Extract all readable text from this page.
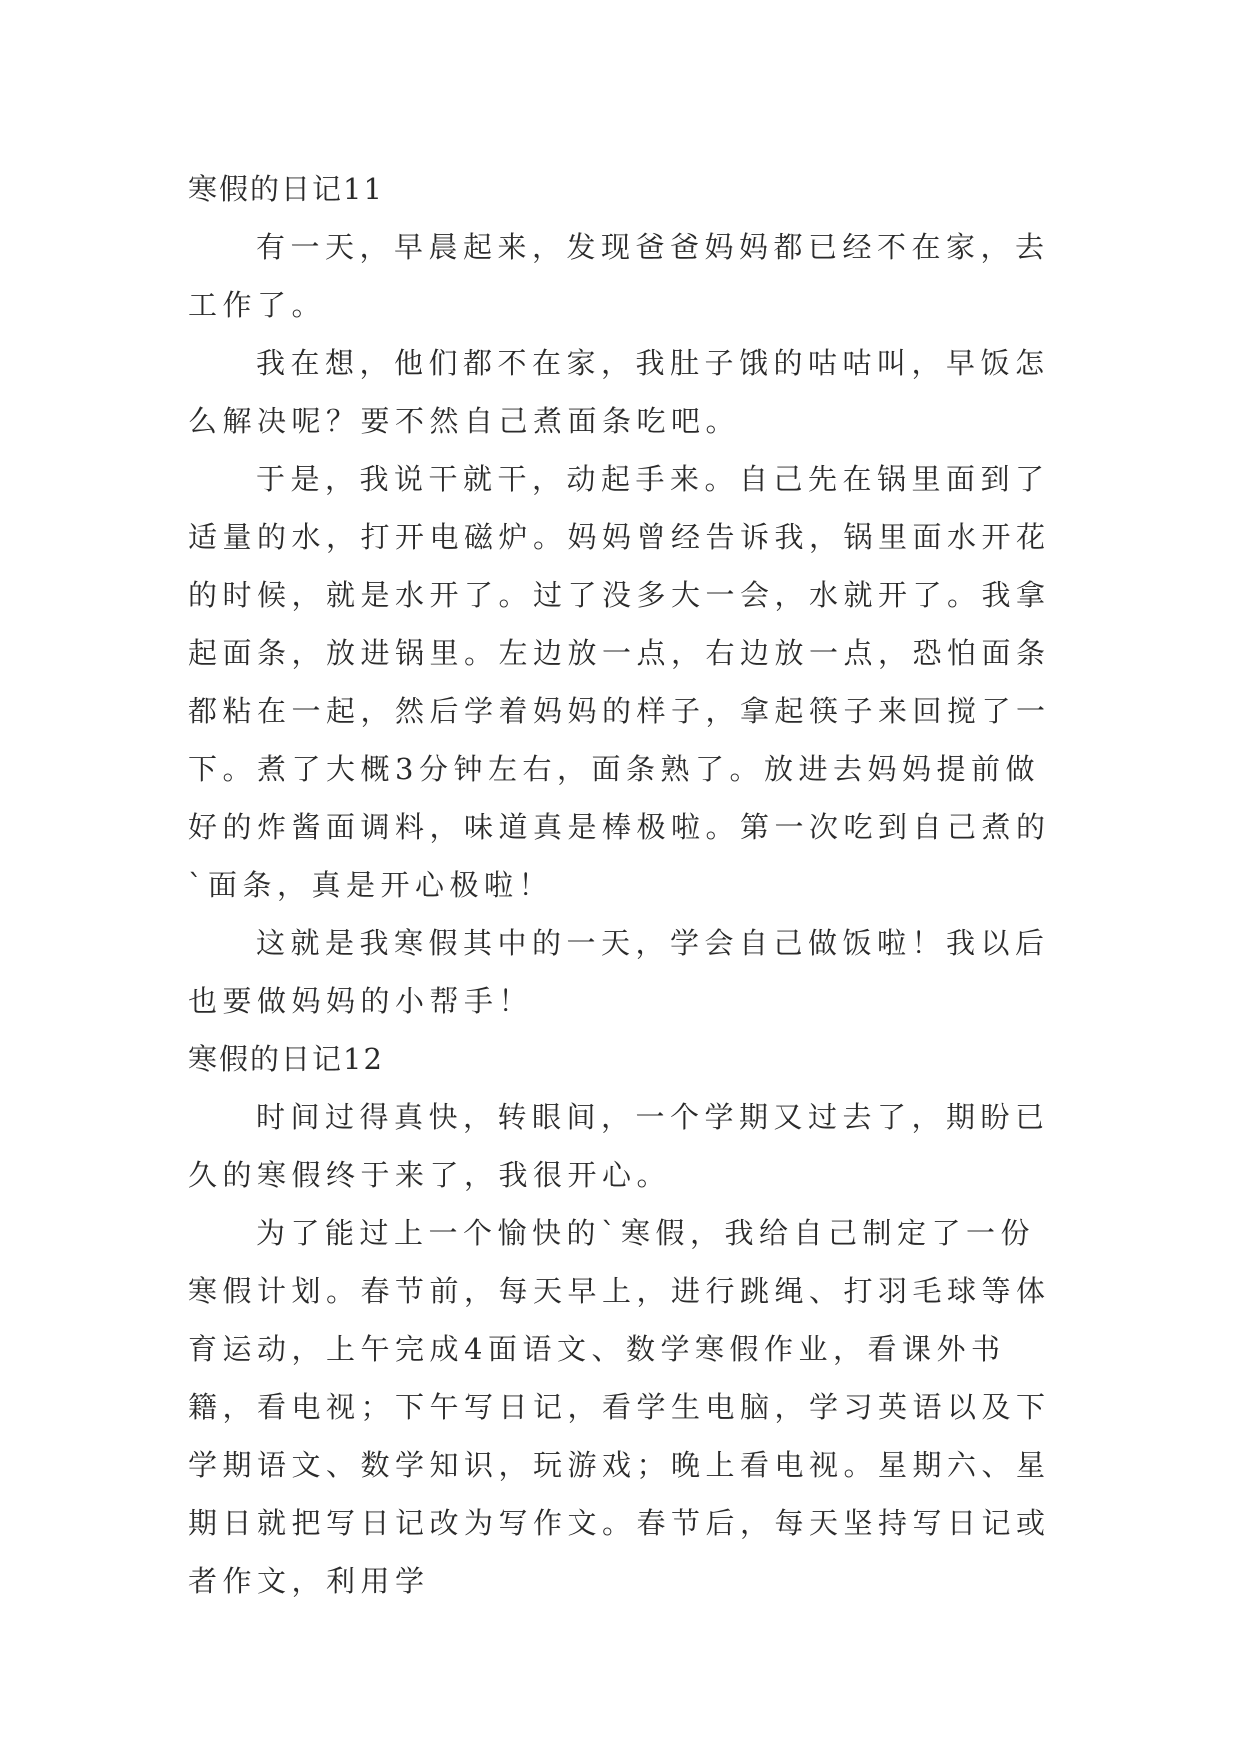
寒假的日记11

有一天，早晨起来，发现爸爸妈妈都已经不在家，去工作了。

我在想，他们都不在家，我肚子饿的咕咕叫，早饭怎么解决呢？要不然自己煮面条吃吧。

于是，我说干就干，动起手来。自己先在锅里面到了适量的水，打开电磁炉。妈妈曾经告诉我，锅里面水开花的时候，就是水开了。过了没多大一会，水就开了。我拿起面条，放进锅里。左边放一点，右边放一点，恐怕面条都粘在一起，然后学着妈妈的样子，拿起筷子来回搅了一下。煮了大概3分钟左右，面条熟了。放进去妈妈提前做好的炸酱面调料，味道真是棒极啦。第一次吃到自己煮的`面条，真是开心极啦！

这就是我寒假其中的一天，学会自己做饭啦！我以后也要做妈妈的小帮手！

寒假的日记12

时间过得真快，转眼间，一个学期又过去了，期盼已久的寒假终于来了，我很开心。

为了能过上一个愉快的`寒假，我给自己制定了一份寒假计划。春节前，每天早上，进行跳绳、打羽毛球等体育运动，上午完成4面语文、数学寒假作业，看课外书籍，看电视；下午写日记，看学生电脑，学习英语以及下学期语文、数学知识，玩游戏；晚上看电视。星期六、星期日就把写日记改为写作文。春节后，每天坚持写日记或者作文，利用学
